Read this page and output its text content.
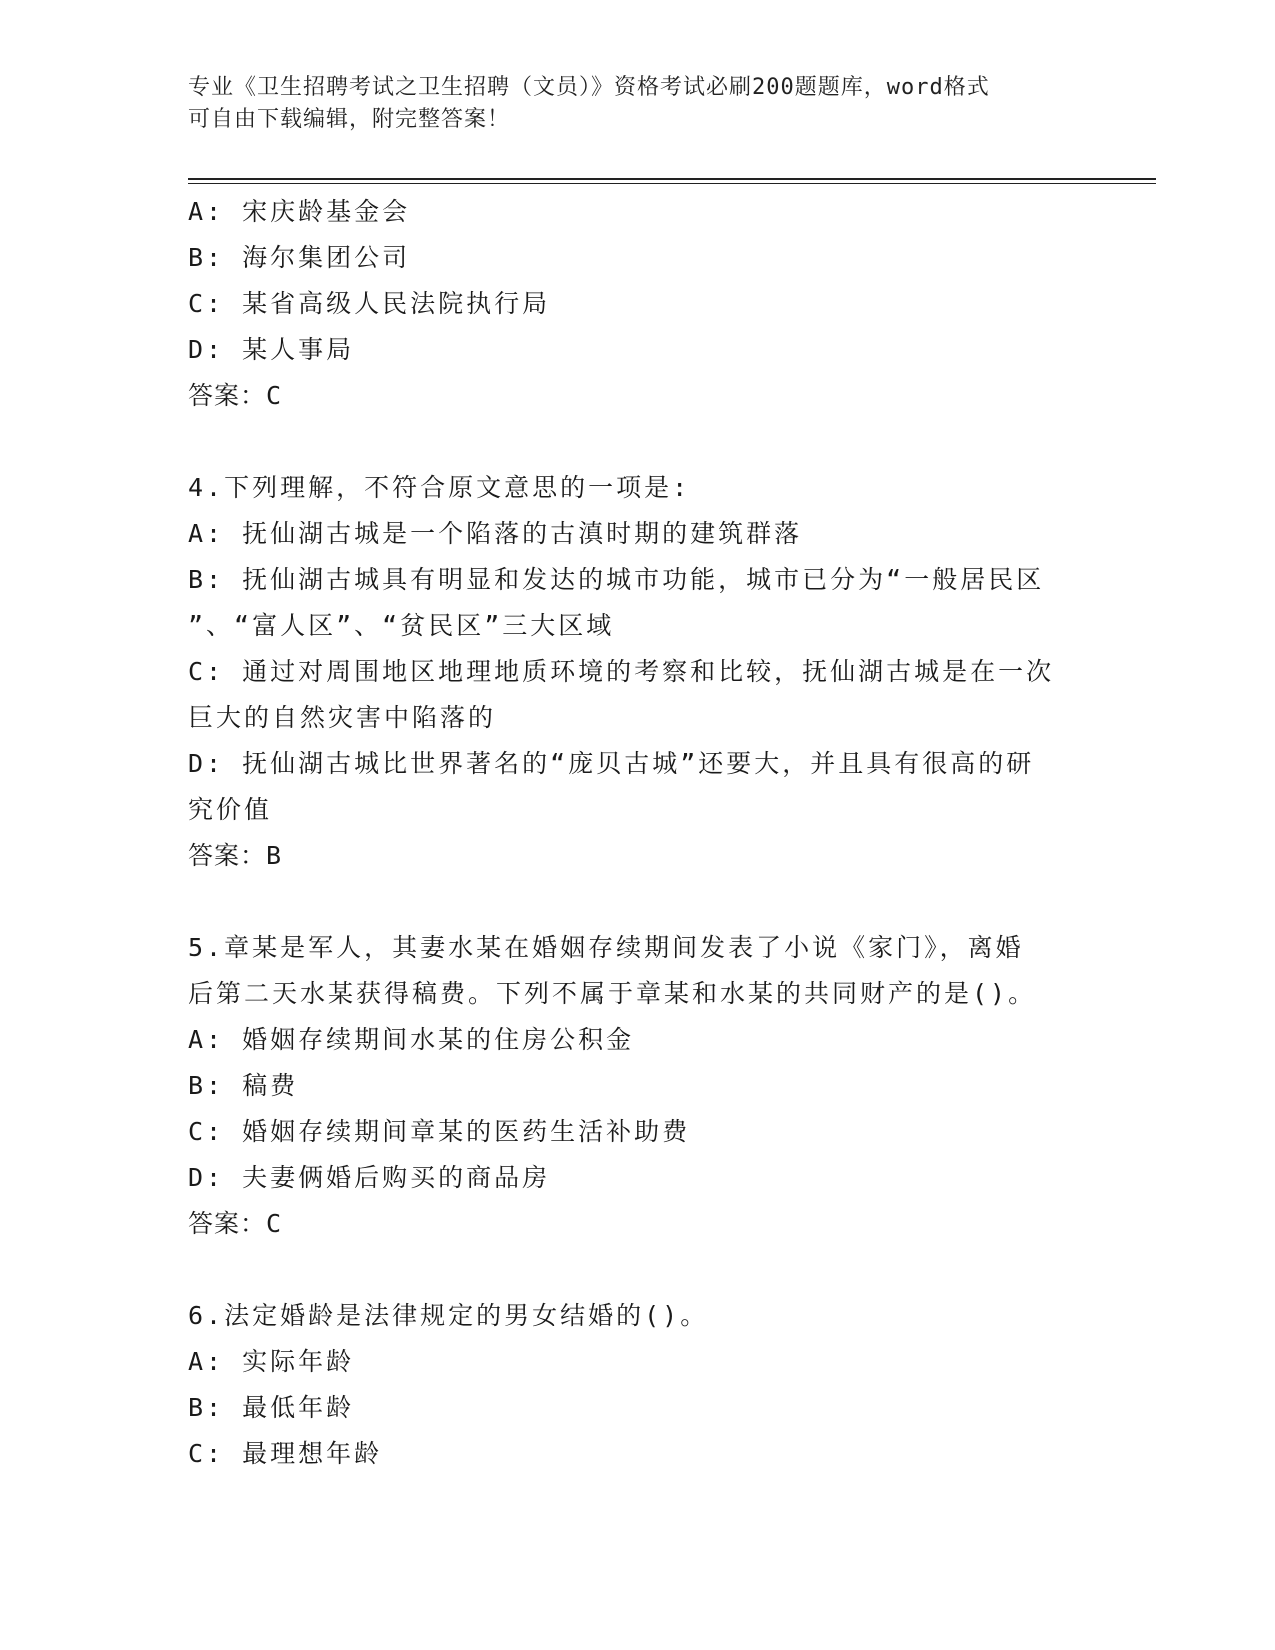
专业《卫生招聘考试之卫生招聘（文员）》资格考试必刷200题题库，word格式
可自由下载编辑，附完整答案！
A: 宋庆龄基金会
B: 海尔集团公司
C: 某省高级人民法院执行局
D: 某人事局
答案：C
4.下列理解，不符合原文意思的一项是:
A: 抚仙湖古城是一个陷落的古滇时期的建筑群落
B: 抚仙湖古城具有明显和发达的城市功能，城市已分为“一般居民区
”、“富人区”、“贫民区”三大区域
C: 通过对周围地区地理地质环境的考察和比较，抚仙湖古城是在一次
巨大的自然灾害中陷落的
D: 抚仙湖古城比世界著名的“庞贝古城”还要大，并且具有很高的研
究价值
答案：B
5.章某是军人，其妻水某在婚姻存续期间发表了小说《家门》，离婚
后第二天水某获得稿费。下列不属于章某和水某的共同财产的是()。
A: 婚姻存续期间水某的住房公积金
B: 稿费
C: 婚姻存续期间章某的医药生活补助费
D: 夫妻俩婚后购买的商品房
答案：C
6.法定婚龄是法律规定的男女结婚的()。
A: 实际年龄
B: 最低年龄
C: 最理想年龄
